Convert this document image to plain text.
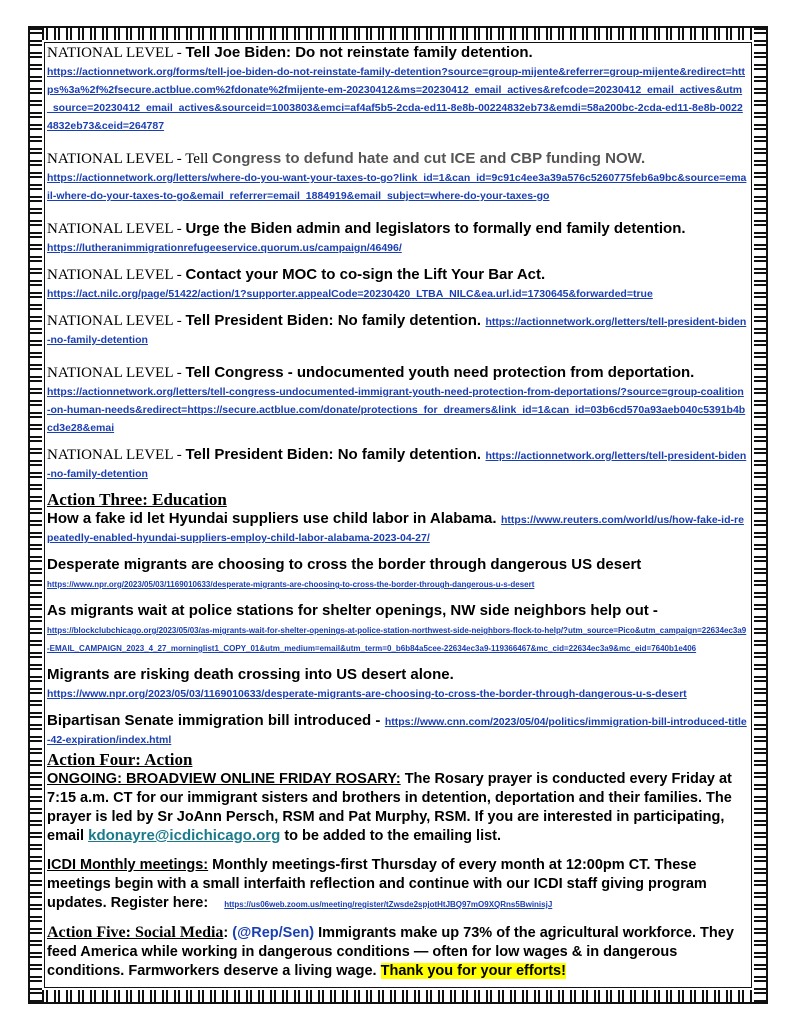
NATIONAL LEVEL - Tell Joe Biden: Do not reinstate family detention.
https://actionnetwork.org/forms/tell-joe-biden-do-not-reinstate-family-detention?source=group-mijente&referrer=group-mijente&redirect=https%3a%2f%2fsecure.actblue.com%2fdonate%2fmijente-em-20230412&ms=20230412_email_actives&refcode=20230412_email_actives&utm_source=20230412_email_actives&sourceid=1003803&emci=af4af5b5-2cda-ed11-8e8b-00224832eb73&emdi=58a200bc-2cda-ed11-8e8b-00224832eb73&ceid=264787
NATIONAL LEVEL - Tell Congress to defund hate and cut ICE and CBP funding NOW.
https://actionnetwork.org/letters/where-do-you-want-your-taxes-to-go?link_id=1&can_id=9c91c4ee3a39a576c5260775feb6a9bc&source=email-where-do-your-taxes-to-go&email_referrer=email_1884919&email_subject=where-do-your-taxes-go
NATIONAL LEVEL - Urge the Biden admin and legislators to formally end family detention.
https://lutheranimmigrationrefugeeservice.quorum.us/campaign/46496/
NATIONAL LEVEL - Contact your MOC to co-sign the Lift Your Bar Act.
https://act.nilc.org/page/51422/action/1?supporter.appealCode=20230420_LTBA_NILC&ea.url.id=1730645&forwarded=true
NATIONAL LEVEL - Tell President Biden: No family detention. https://actionnetwork.org/letters/tell-president-biden-no-family-detention
NATIONAL LEVEL - Tell Congress - undocumented youth need protection from deportation.
https://actionnetwork.org/letters/tell-congress-undocumented-immigrant-youth-need-protection-from-deportations/?source=group-coalition-on-human-needs&redirect=https://secure.actblue.com/donate/protections_for_dreamers&link_id=1&can_id=03b6cd570a93aeb040c5391b4bcd3e28&emai
NATIONAL LEVEL - Tell President Biden: No family detention. https://actionnetwork.org/letters/tell-president-biden-no-family-detention
Action Three: Education
How a fake id let Hyundai suppliers use child labor in Alabama. https://www.reuters.com/world/us/how-fake-id-repeatedly-enabled-hyundai-suppliers-employ-child-labor-alabama-2023-04-27/
Desperate migrants are choosing to cross the border through dangerous US desert
https://www.npr.org/2023/05/03/1169010633/desperate-migrants-are-choosing-to-cross-the-border-through-dangerous-u-s-desert
As migrants wait at police stations for shelter openings, NW side neighbors help out -
https://blockclubchicago.org/2023/05/03/as-migrants-wait-for-shelter-openings-at-police-station-northwest-side-neighbors-flock-to-help/?utm_source=Pico&utm_campaign=22634ec3a9-EMAIL_CAMPAIGN_2023_4_27_morninglist1_COPY_01&utm_medium=email&utm_term=0_b6b84a5cee-22634ec3a9-119366467&mc_cid=22634ec3a9&mc_eid=7640b1e406
Migrants are risking death crossing into US desert alone.
https://www.npr.org/2023/05/03/1169010633/desperate-migrants-are-choosing-to-cross-the-border-through-dangerous-u-s-desert
Bipartisan Senate immigration bill introduced - https://www.cnn.com/2023/05/04/politics/immigration-bill-introduced-title-42-expiration/index.html
Action Four: Action
ONGOING: BROADVIEW ONLINE FRIDAY ROSARY: The Rosary prayer is conducted every Friday at 7:15 a.m. CT for our immigrant sisters and brothers in detention, deportation and their families. The prayer is led by Sr JoAnn Persch, RSM and Pat Murphy, RSM. If you are interested in participating, email kdonayre@icdichicago.org to be added to the emailing list.
ICDI Monthly meetings: Monthly meetings-first Thursday of every month at 12:00pm CT. These meetings begin with a small interfaith reflection and continue with our ICDI staff giving program updates. Register here: https://us06web.zoom.us/meeting/register/tZwsde2spjotHtJBQ97mO9XQRns5BwinisjJ
Action Five: Social Media: (@Rep/Sen) Immigrants make up 73% of the agricultural workforce. They feed America while working in dangerous conditions — often for low wages & in dangerous conditions. Farmworkers deserve a living wage. Thank you for your efforts!
